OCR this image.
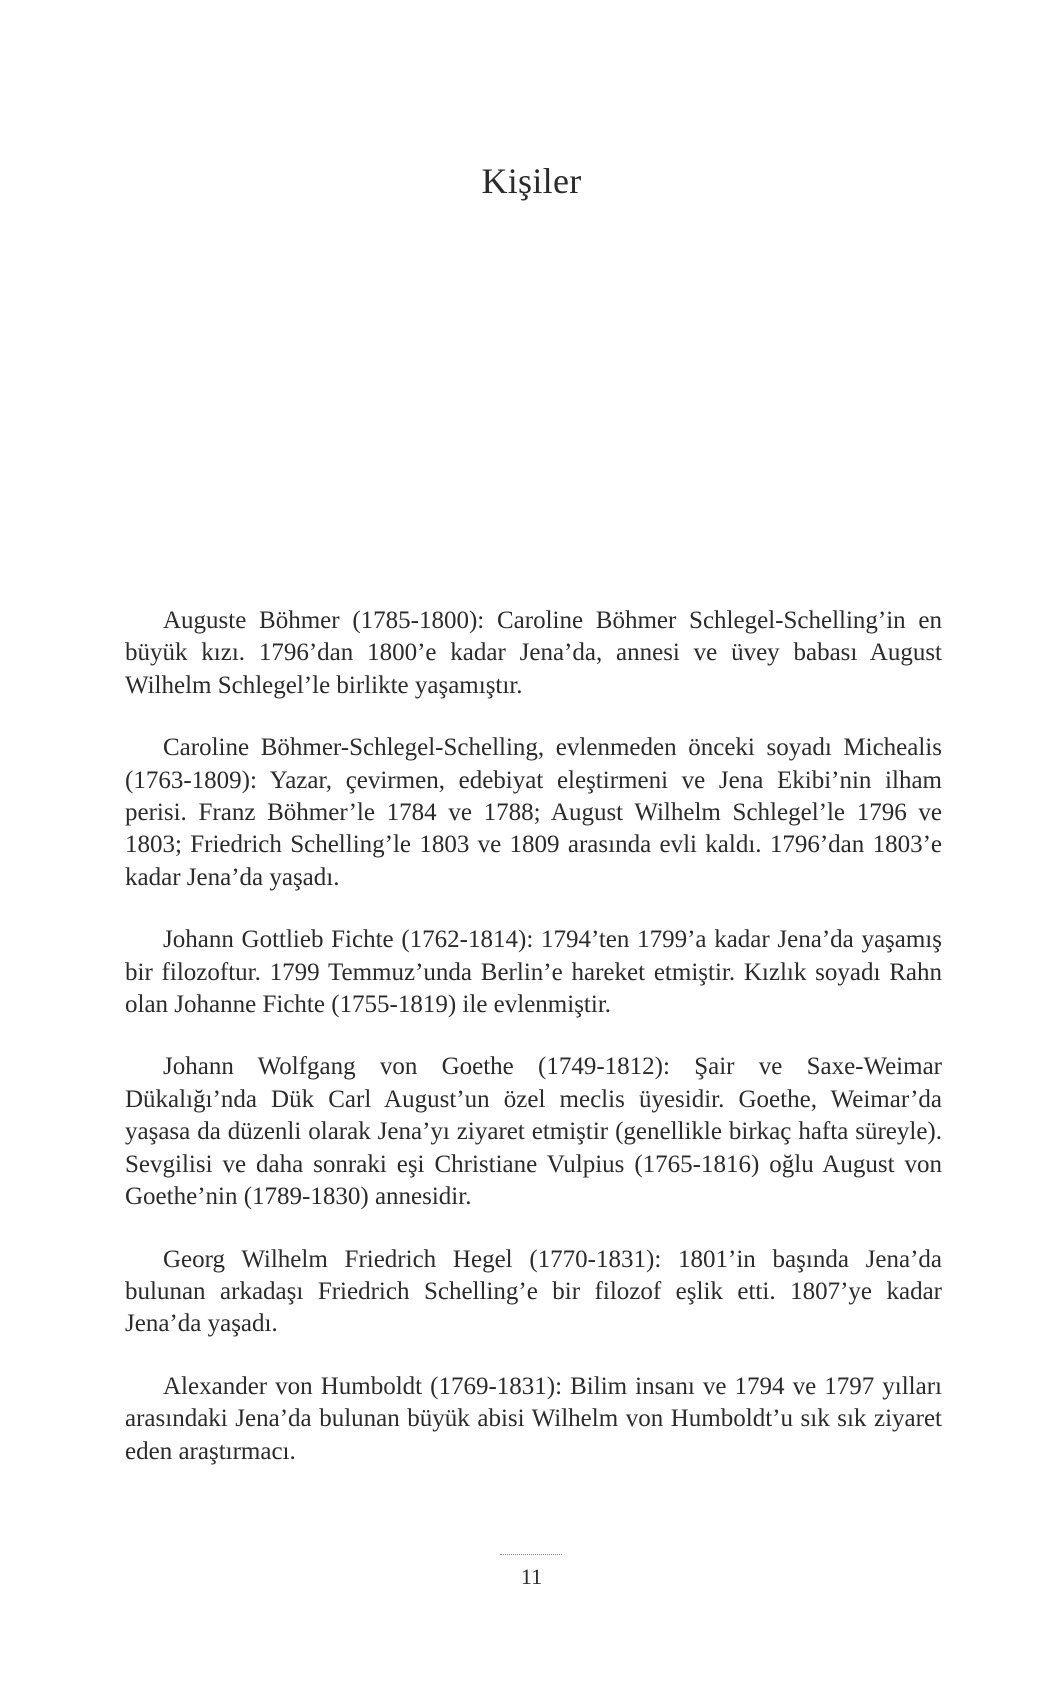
Kişiler

Auguste Böhmer (1785-1800): Caroline Böhmer Schlegel-Schelling’in en büyük kızı. 1796’dan 1800’e kadar Jena’da, annesi ve üvey babası August Wilhelm Schlegel’le birlikte yaşamıştır.

Caroline Böhmer-Schlegel-Schelling, evlenmeden önceki soyadı Michealis (1763-1809): Yazar, çevirmen, edebiyat eleştirmeni ve Jena Ekibi’nin ilham perisi. Franz Böhmer’le 1784 ve 1788; August Wilhelm Schlegel’le 1796 ve 1803; Friedrich Schelling’le 1803 ve 1809 arasında evli kaldı. 1796’dan 1803’e kadar Jena’da yaşadı.

Johann Gottlieb Fichte (1762-1814): 1794’ten 1799’a kadar Jena’da yaşamış bir filozoftur. 1799 Temmuz’unda Berlin’e hareket etmiştir. Kızlık soyadı Rahn olan Johanne Fichte (1755-1819) ile evlenmiştir.

Johann Wolfgang von Goethe (1749-1812): Şair ve Saxe-Weimar Dükalığı’nda Dük Carl August’un özel meclis üyesidir. Goethe, Weimar’da yaşasa da düzenli olarak Jena’yı ziyaret etmiştir (genellikle birkaç hafta süreyle). Sevgilisi ve daha sonraki eşi Christiane Vulpius (1765-1816) oğlu August von Goethe’nin (1789-1830) annesidir.

Georg Wilhelm Friedrich Hegel (1770-1831): 1801’in başında Jena’da bulunan arkadaşı Friedrich Schelling’e bir filozof eşlik etti. 1807’ye kadar Jena’da yaşadı.

Alexander von Humboldt (1769-1831): Bilim insanı ve 1794 ve 1797 yılları arasındaki Jena’da bulunan büyük abisi Wilhelm von Humboldt’u sık sık ziyaret eden araştırmacı.

11
